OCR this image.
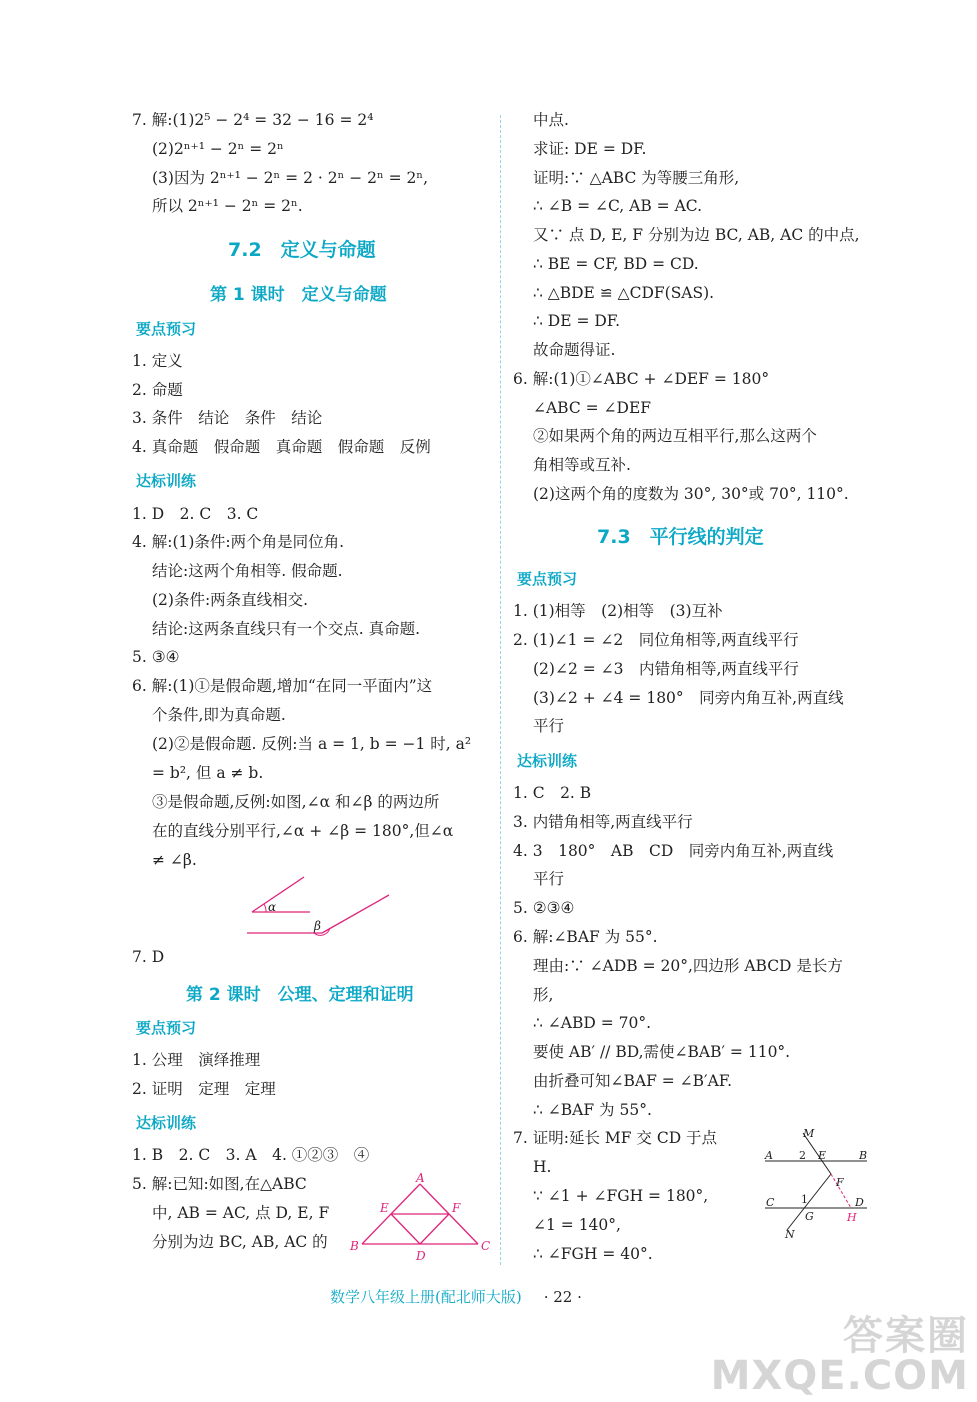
7. 解:(1)2⁵ − 2⁴ = 32 − 16 = 2⁴
(2)2ⁿ⁺¹ − 2ⁿ = 2ⁿ
(3)因为 2ⁿ⁺¹ − 2ⁿ = 2 · 2ⁿ − 2ⁿ = 2ⁿ,
所以 2ⁿ⁺¹ − 2ⁿ = 2ⁿ.
7.2　定义与命题
第 1 课时　定义与命题
要点预习
1. 定义
2. 命题
3. 条件　结论　条件　结论
4. 真命题　假命题　真命题　假命题　反例
达标训练
1. D　2. C　3. C
4. 解:(1)条件:两个角是同位角.
结论:这两个角相等. 假命题.
(2)条件:两条直线相交.
结论:这两条直线只有一个交点. 真命题.
5. ③④
6. 解:(1)①是假命题,增加“在同一平面内”这
个条件,即为真命题.
(2)②是假命题. 反例:当 a = 1, b = −1 时, a²
= b², 但 a ≠ b.
③是假命题,反例:如图,∠α 和∠β 的两边所
在的直线分别平行,∠α + ∠β = 180°,但∠α
≠ ∠β.
α
β
7. D
第 2 课时　公理、定理和证明
要点预习
1. 公理　演绎推理
2. 证明　定理　定理
达标训练
1. B　2. C　3. A　4. ①②③　④
5. 解:已知:如图,在△ABC
中, AB = AC, 点 D, E, F
分别为边 BC, AB, AC 的
A
E	F
B
D
C
中点.
求证: DE = DF.
证明:∵ △ABC 为等腰三角形,
∴ ∠B = ∠C, AB = AC.
又∵ 点 D, E, F 分别为边 BC, AB, AC 的中点,
∴ BE = CF, BD = CD.
∴ △BDE ≌ △CDF(SAS).
∴ DE = DF.
故命题得证.
6. 解:(1)①∠ABC + ∠DEF = 180°
∠ABC = ∠DEF
②如果两个角的两边互相平行,那么这两个
角相等或互补.
(2)这两个角的度数为 30°, 30°或 70°, 110°.
7.3　平行线的判定
要点预习
1. (1)相等　(2)相等　(3)互补
2. (1)∠1 = ∠2　同位角相等,两直线平行
(2)∠2 = ∠3　内错角相等,两直线平行
(3)∠2 + ∠4 = 180°　同旁内角互补,两直线
平行
达标训练
1. C　2. B
3. 内错角相等,两直线平行
4. 3　180°　AB　CD　同旁内角互补,两直线
平行
5. ②③④
6. 解:∠BAF 为 55°.
理由:∵ ∠ADB = 20°,四边形 ABCD 是长方
形,
∴ ∠ABD = 70°.
要使 AB′ // BD,需使∠BAB′ = 110°.
由折叠可知∠BAF = ∠B′AF.
∴ ∠BAF 为 55°.
7. 证明:延长 MF 交 CD 于点
H.
∵ ∠1 + ∠FGH = 180°,
∠1 = 140°,
∴ ∠FGH = 40°.
M
A 2 E	B
F
C 1	D
G	H
N
数学八年级上册(配北师大版) · 22 ·
答案圈
MXQE.COM
